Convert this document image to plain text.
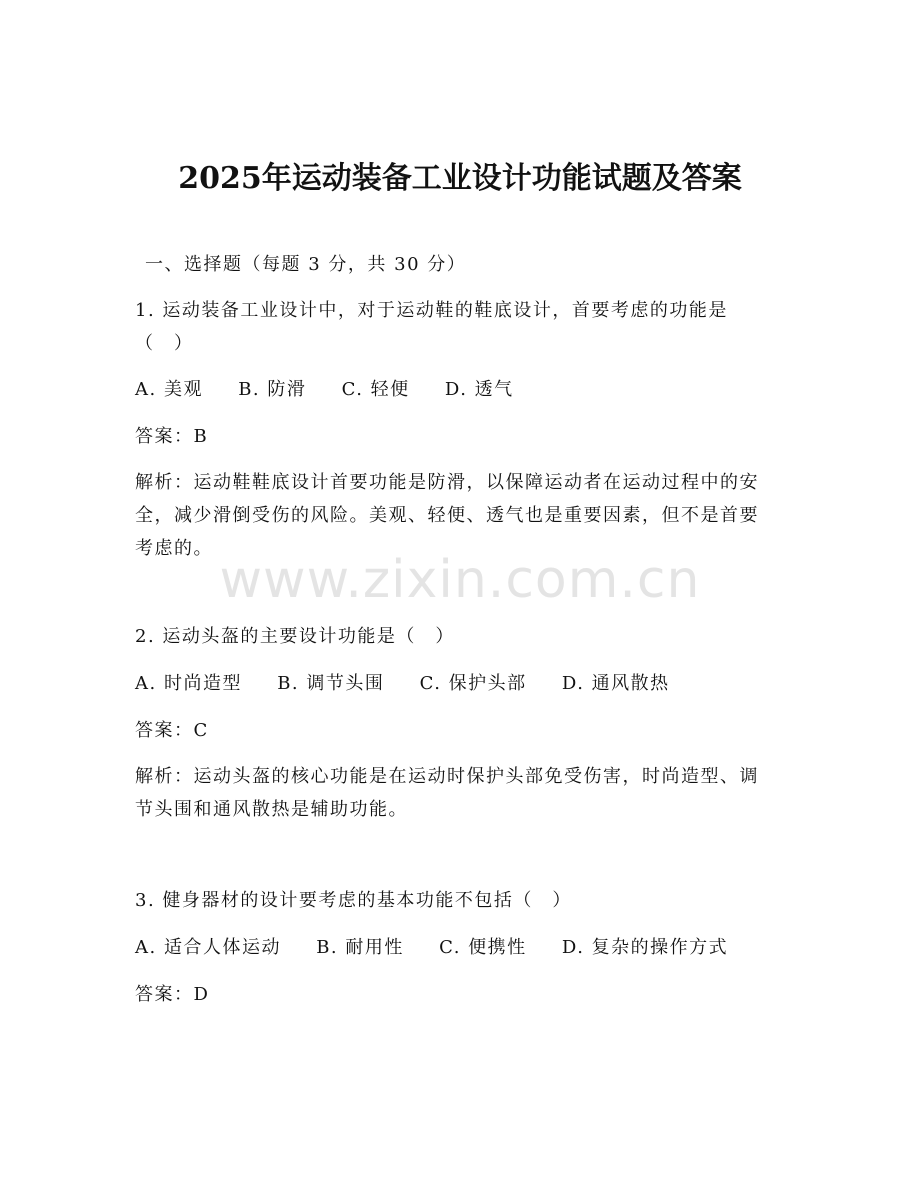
2025年运动装备工业设计功能试题及答案

一、选择题（每题 3 分，共 30 分）

1. 运动装备工业设计中，对于运动鞋的鞋底设计，首要考虑的功能是（　）

A. 美观 B. 防滑 C. 轻便 D. 透气

答案：B

解析：运动鞋鞋底设计首要功能是防滑，以保障运动者在运动过程中的安全，减少滑倒受伤的风险。美观、轻便、透气也是重要因素，但不是首要考虑的。

www.zixin.com.cn

2. 运动头盔的主要设计功能是（　）

A. 时尚造型 B. 调节头围 C. 保护头部 D. 通风散热

答案：C

解析：运动头盔的核心功能是在运动时保护头部免受伤害，时尚造型、调节头围和通风散热是辅助功能。

3. 健身器材的设计要考虑的基本功能不包括（　）

A. 适合人体运动 B. 耐用性 C. 便携性 D. 复杂的操作方式

答案：D
